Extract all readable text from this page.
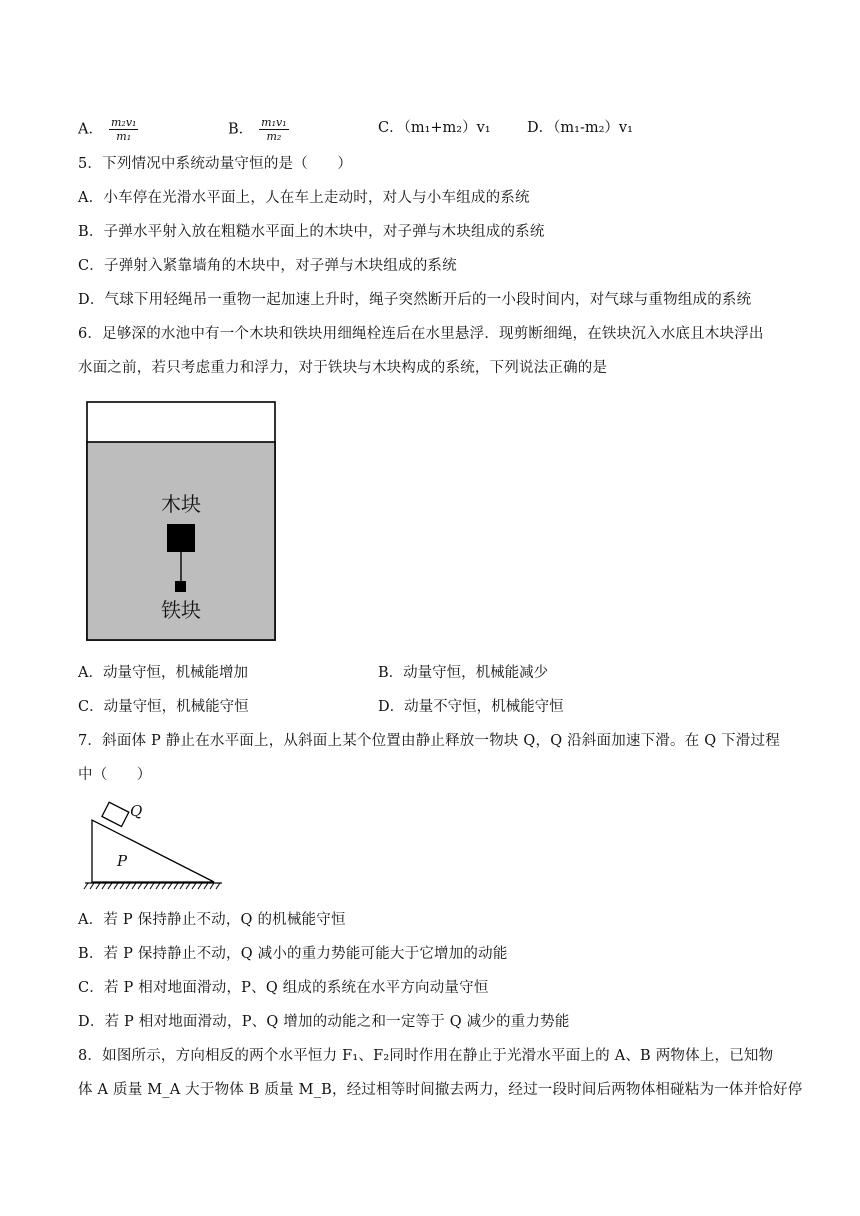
A． $\frac{\text{m₂v₁}}{\text{m₁}}$	B． $\frac{\text{m₁v₁}}{\text{m₂}}$	C．（m₁+m₂）v₁	D．（m₁-m₂）v₁
5．下列情况中系统动量守恒的是（　　）
A．小车停在光滑水平面上，人在车上走动时，对人与小车组成的系统
B．子弹水平射入放在粗糙水平面上的木块中，对子弹与木块组成的系统
C．子弹射入紧靠墙角的木块中，对子弹与木块组成的系统
D．气球下用轻绳吊一重物一起加速上升时，绳子突然断开后的一小段时间内，对气球与重物组成的系统
6．足够深的水池中有一个木块和铁块用细绳栓连后在水里悬浮．现剪断细绳，在铁块沉入水底且木块浮出
水面之前，若只考虑重力和浮力，对于铁块与木块构成的系统，下列说法正确的是
木块
铁块
A．动量守恒，机械能增加	B．动量守恒，机械能减少
C．动量守恒，机械能守恒	D．动量不守恒，机械能守恒
7．斜面体 P 静止在水平面上，从斜面上某个位置由静止释放一物块 Q，Q 沿斜面加速下滑。在 Q 下滑过程
中（　　）
Q
P
A．若 P 保持静止不动，Q 的机械能守恒
B．若 P 保持静止不动，Q 减小的重力势能可能大于它增加的动能
C．若 P 相对地面滑动，P、Q 组成的系统在水平方向动量守恒
D．若 P 相对地面滑动，P、Q 增加的动能之和一定等于 Q 减少的重力势能
8．如图所示，方向相反的两个水平恒力 F₁、F₂同时作用在静止于光滑水平面上的 A、B 两物体上，已知物
体 A 质量 M_A 大于物体 B 质量 M_B，经过相等时间撤去两力，经过一段时间后两物体相碰粘为一体并恰好停
